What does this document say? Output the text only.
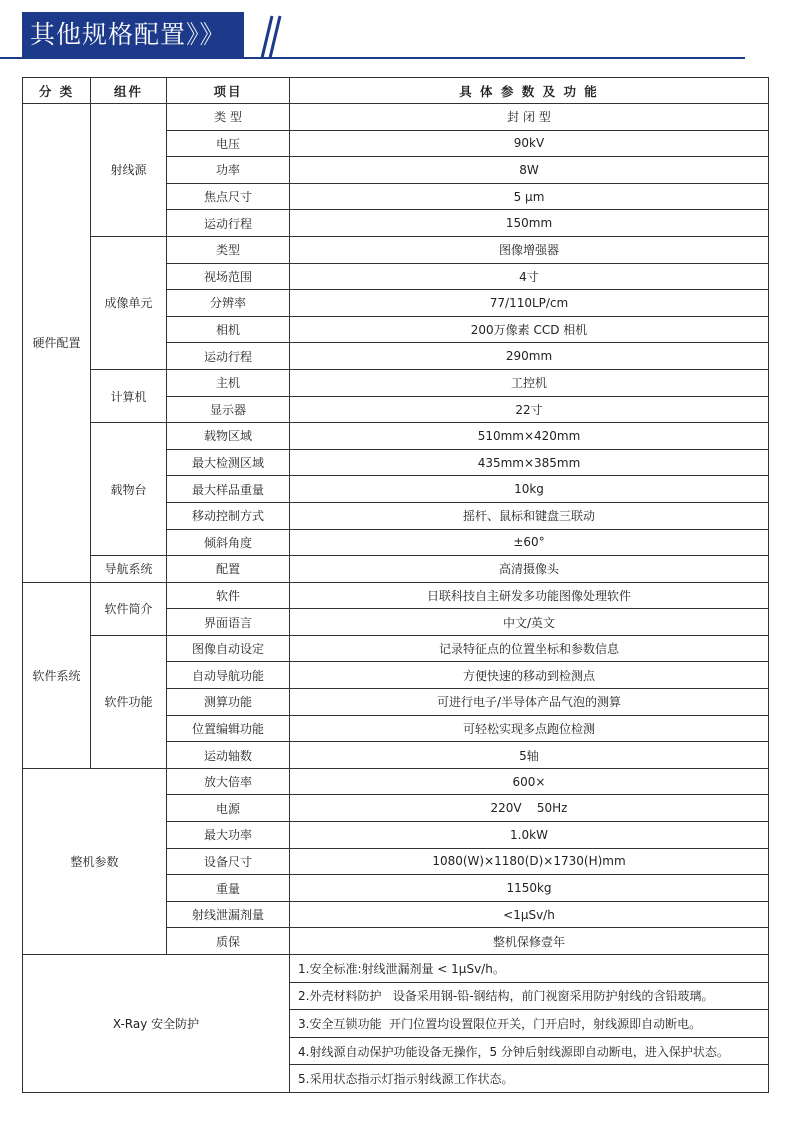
其他规格配置》》
分 类	组件	项目	具 体 参 数 及 功 能
硬件配置	射线源	类 型	封 闭 型
		电压	90kV
		功率	8W
		焦点尺寸	5 μm
		运动行程	150mm
	成像单元	类型	图像增强器
		视场范围	4寸
		分辨率	77/110LP/cm
		相机	200万像素 CCD 相机
		运动行程	290mm
	计算机	主机	工控机
		显示器	22寸
	载物台	载物区域	510mm×420mm
		最大检测区域	435mm×385mm
		最大样品重量	10kg
		移动控制方式	摇杆、鼠标和键盘三联动
		倾斜角度	±60°
	导航系统	配置	高清摄像头
软件系统	软件简介	软件	日联科技自主研发多功能图像处理软件
		界面语言	中文/英文
	软件功能	图像自动设定	记录特征点的位置坐标和参数信息
		自动导航功能	方便快速的移动到检测点
		测算功能	可进行电子/半导体产品气泡的测算
		位置编辑功能	可轻松实现多点跑位检测
		运动轴数	5轴
整机参数		放大倍率	600×
		电源	220V    50Hz
		最大功率	1.0kW
		设备尺寸	1080(W)×1180(D)×1730(H)mm
		重量	1150kg
		射线泄漏剂量	<1μSv/h
		质保	整机保修壹年
X-Ray 安全防护			1.安全标准:射线泄漏剂量 < 1μSv/h。
			2.外壳材料防护   设备采用钢-铅-钢结构，前门视窗采用防护射线的含铅玻璃。
			3.安全互锁功能  开门位置均设置限位开关，门开启时，射线源即自动断电。
			4.射线源自动保护功能设备无操作，5 分钟后射线源即自动断电，进入保护状态。
			5.采用状态指示灯指示射线源工作状态。
